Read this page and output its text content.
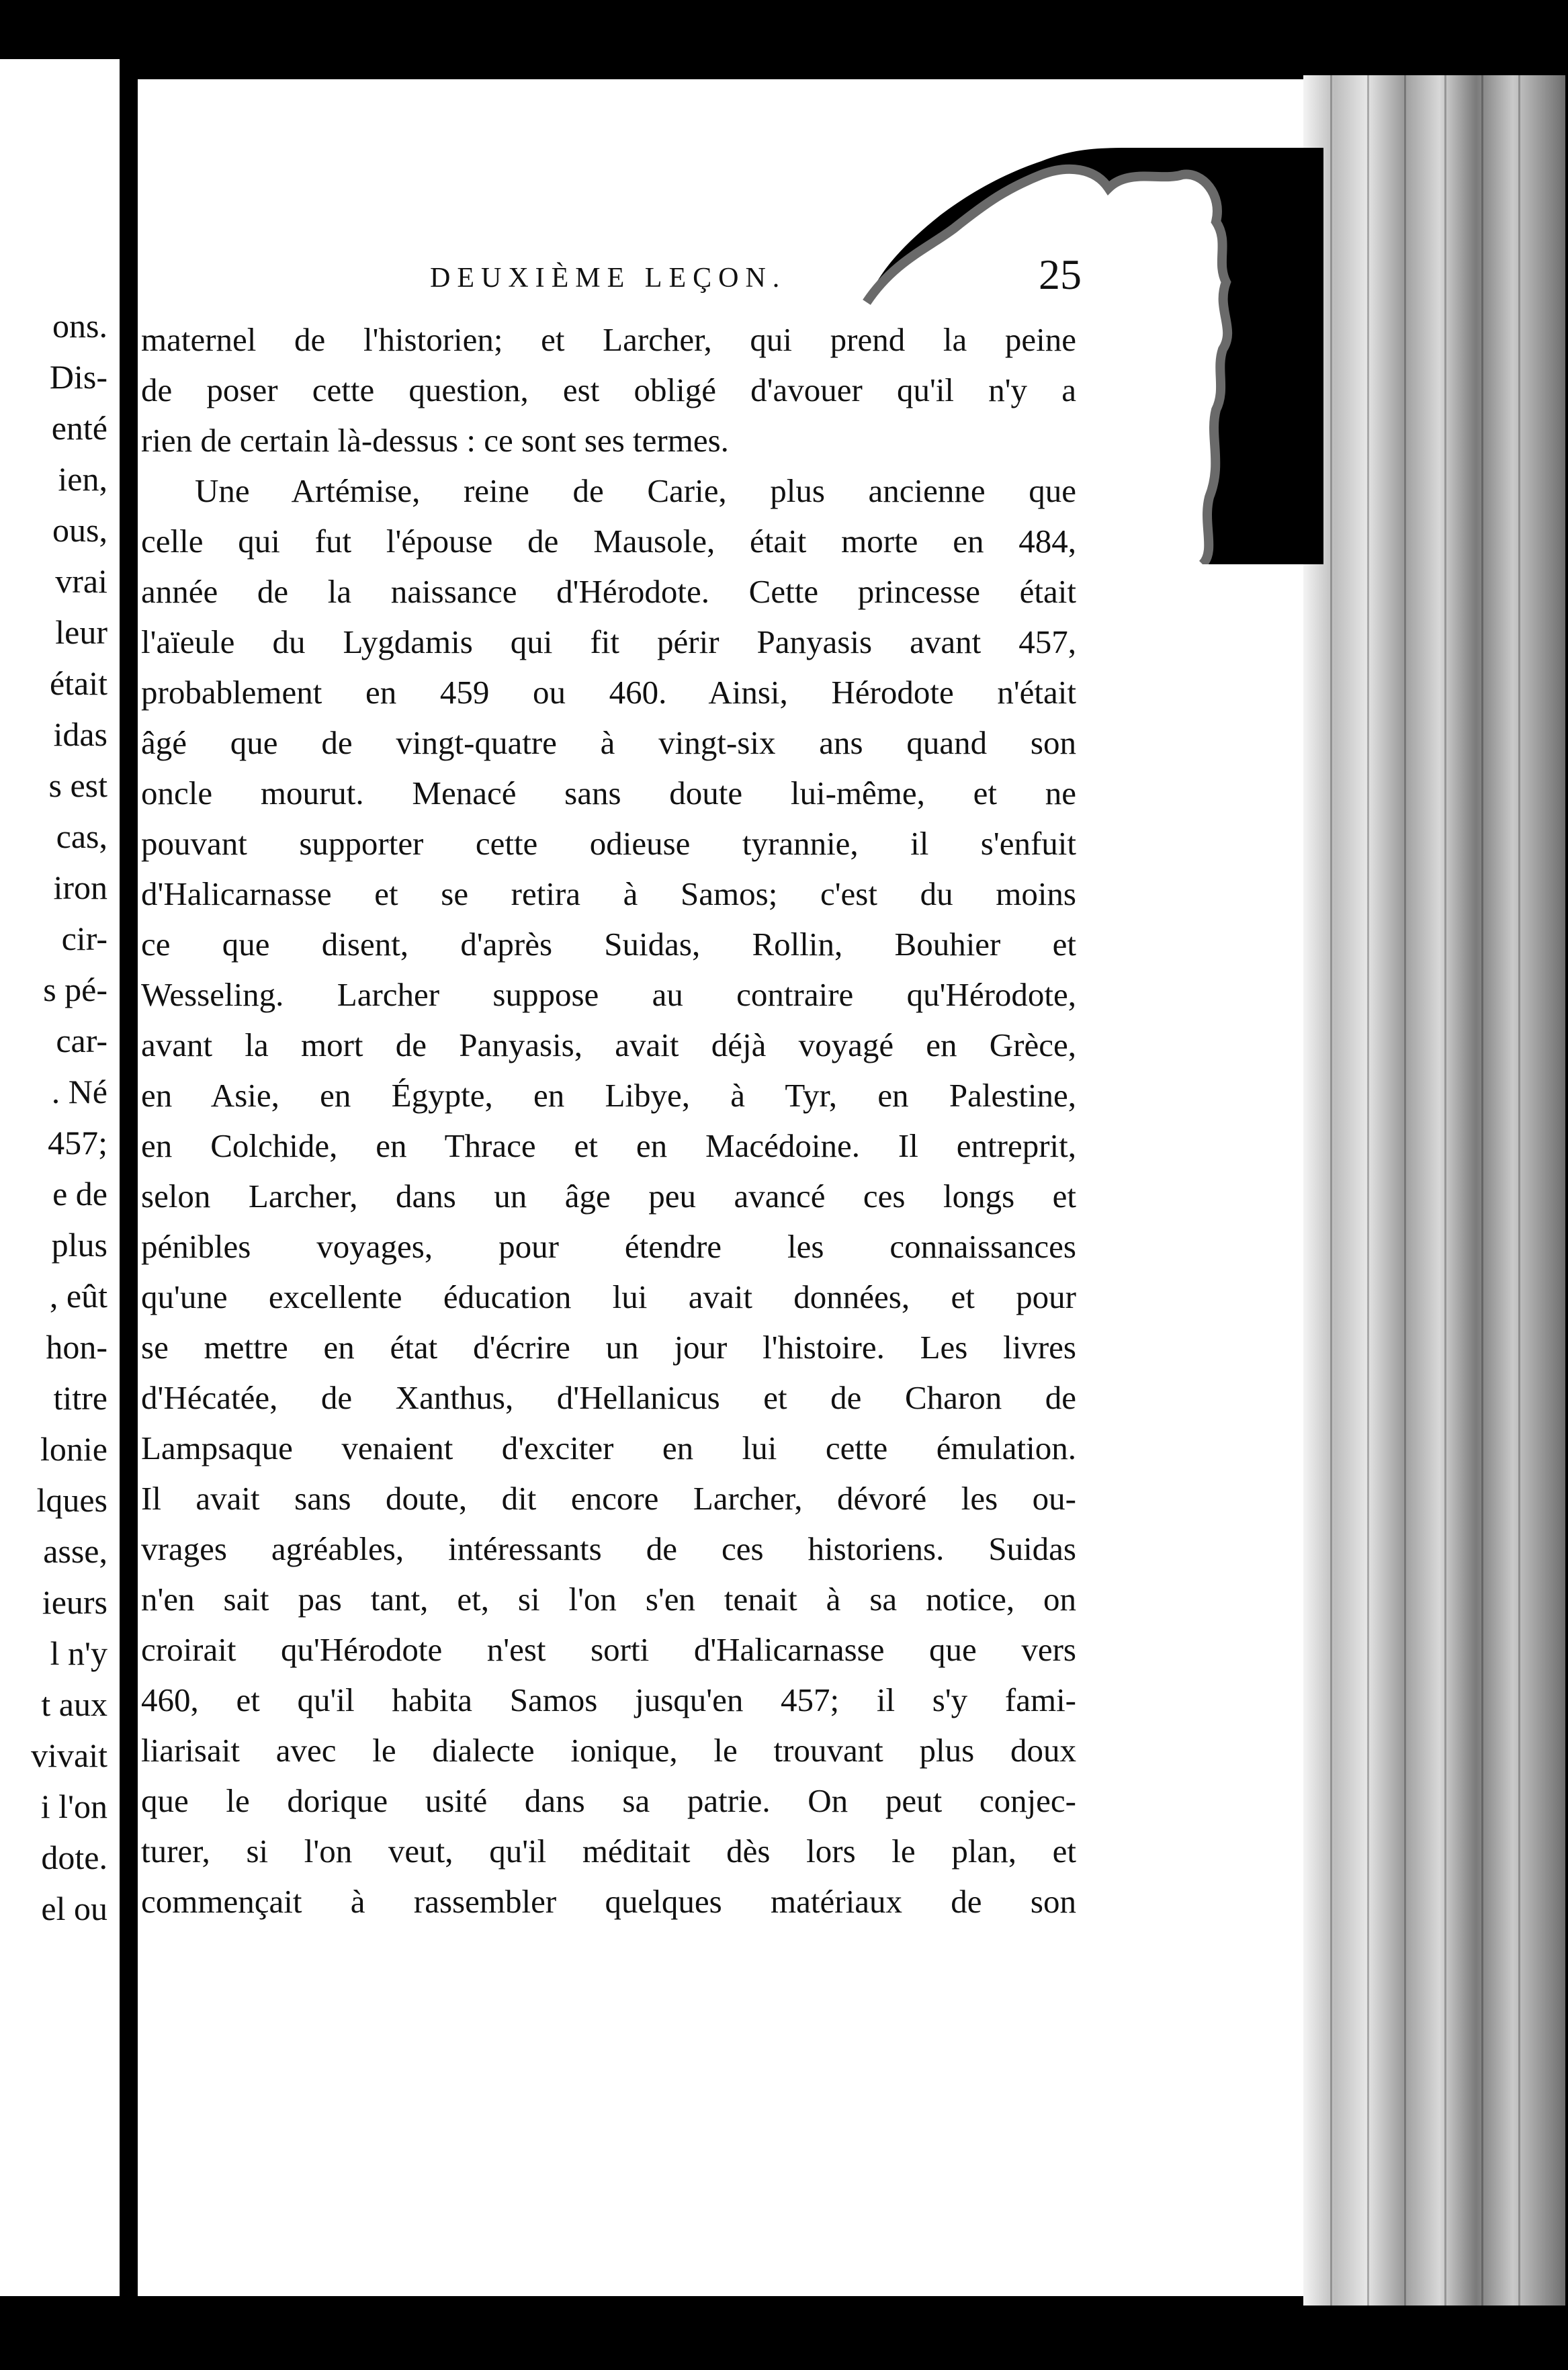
ons.
Dis-
enté
ien,
ous,
vrai
leur
était
idas
s est
cas,
iron
cir-
s pé-
car-
. Né
457;
e de
plus
, eût
hon-
titre
lonie
lques
asse,
ieurs
l n'y
t aux
vivait
i l'on
dote.
el ou
DEUXIÈME LEÇON.	25
maternel de l'historien; et Larcher, qui prend la peine
de poser cette question, est obligé d'avouer qu'il n'y a
rien de certain là-dessus : ce sont ses termes.
Une Artémise, reine de Carie, plus ancienne que
celle qui fut l'épouse de Mausole, était morte en 484,
année de la naissance d'Hérodote. Cette princesse était
l'aïeule du Lygdamis qui fit périr Panyasis avant 457,
probablement en 459 ou 460. Ainsi, Hérodote n'était
âgé que de vingt-quatre à vingt-six ans quand son
oncle mourut. Menacé sans doute lui-même, et ne
pouvant supporter cette odieuse tyrannie, il s'enfuit
d'Halicarnasse et se retira à Samos; c'est du moins
ce que disent, d'après Suidas, Rollin, Bouhier et
Wesseling. Larcher suppose au contraire qu'Hérodote,
avant la mort de Panyasis, avait déjà voyagé en Grèce,
en Asie, en Égypte, en Libye, à Tyr, en Palestine,
en Colchide, en Thrace et en Macédoine. Il entreprit,
selon Larcher, dans un âge peu avancé ces longs et
pénibles voyages, pour étendre les connaissances
qu'une excellente éducation lui avait données, et pour
se mettre en état d'écrire un jour l'histoire. Les livres
d'Hécatée, de Xanthus, d'Hellanicus et de Charon de
Lampsaque venaient d'exciter en lui cette émulation.
Il avait sans doute, dit encore Larcher, dévoré les ou-
vrages agréables, intéressants de ces historiens. Suidas
n'en sait pas tant, et, si l'on s'en tenait à sa notice, on
croirait qu'Hérodote n'est sorti d'Halicarnasse que vers
460, et qu'il habita Samos jusqu'en 457; il s'y fami-
liarisait avec le dialecte ionique, le trouvant plus doux
que le dorique usité dans sa patrie. On peut conjec-
turer, si l'on veut, qu'il méditait dès lors le plan, et
commençait à rassembler quelques matériaux de son
